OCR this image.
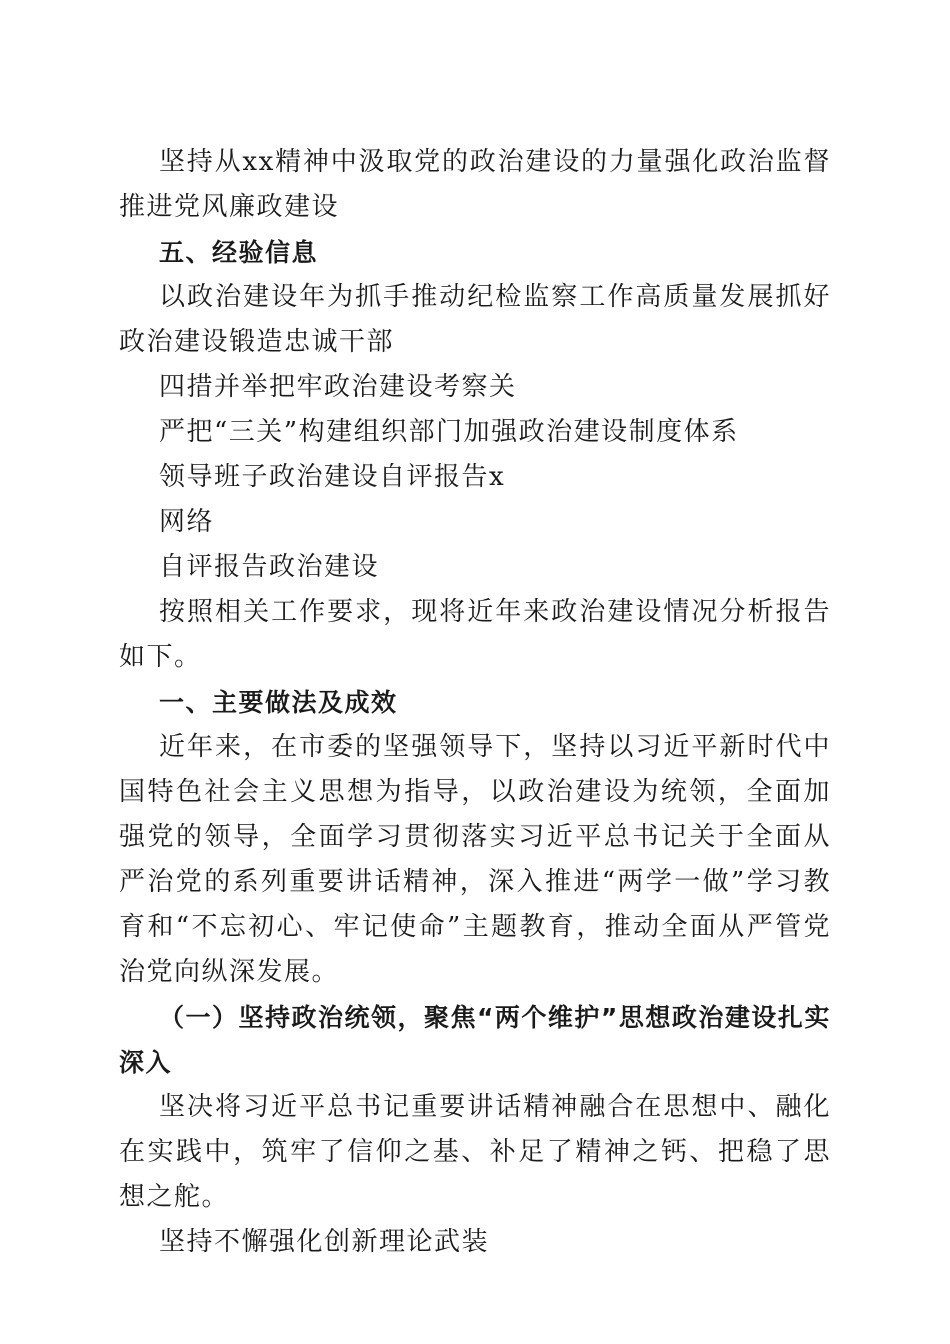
坚持从xx精神中汲取党的政治建设的力量强化政治监督推进党风廉政建设

五、经验信息

以政治建设年为抓手推动纪检监察工作高质量发展抓好政治建设锻造忠诚干部

四措并举把牢政治建设考察关

严把“三关”构建组织部门加强政治建设制度体系

领导班子政治建设自评报告x

网络

自评报告政治建设

按照相关工作要求，现将近年来政治建设情况分析报告如下。

一、主要做法及成效

近年来，在市委的坚强领导下，坚持以习近平新时代中国特色社会主义思想为指导，以政治建设为统领，全面加强党的领导，全面学习贯彻落实习近平总书记关于全面从严治党的系列重要讲话精神，深入推进“两学一做”学习教育和“不忘初心、牢记使命”主题教育，推动全面从严管党治党向纵深发展。

（一）坚持政治统领，聚焦“两个维护”思想政治建设扎实深入

坚决将习近平总书记重要讲话精神融合在思想中、融化在实践中，筑牢了信仰之基、补足了精神之钙、把稳了思想之舵。

坚持不懈强化创新理论武装
